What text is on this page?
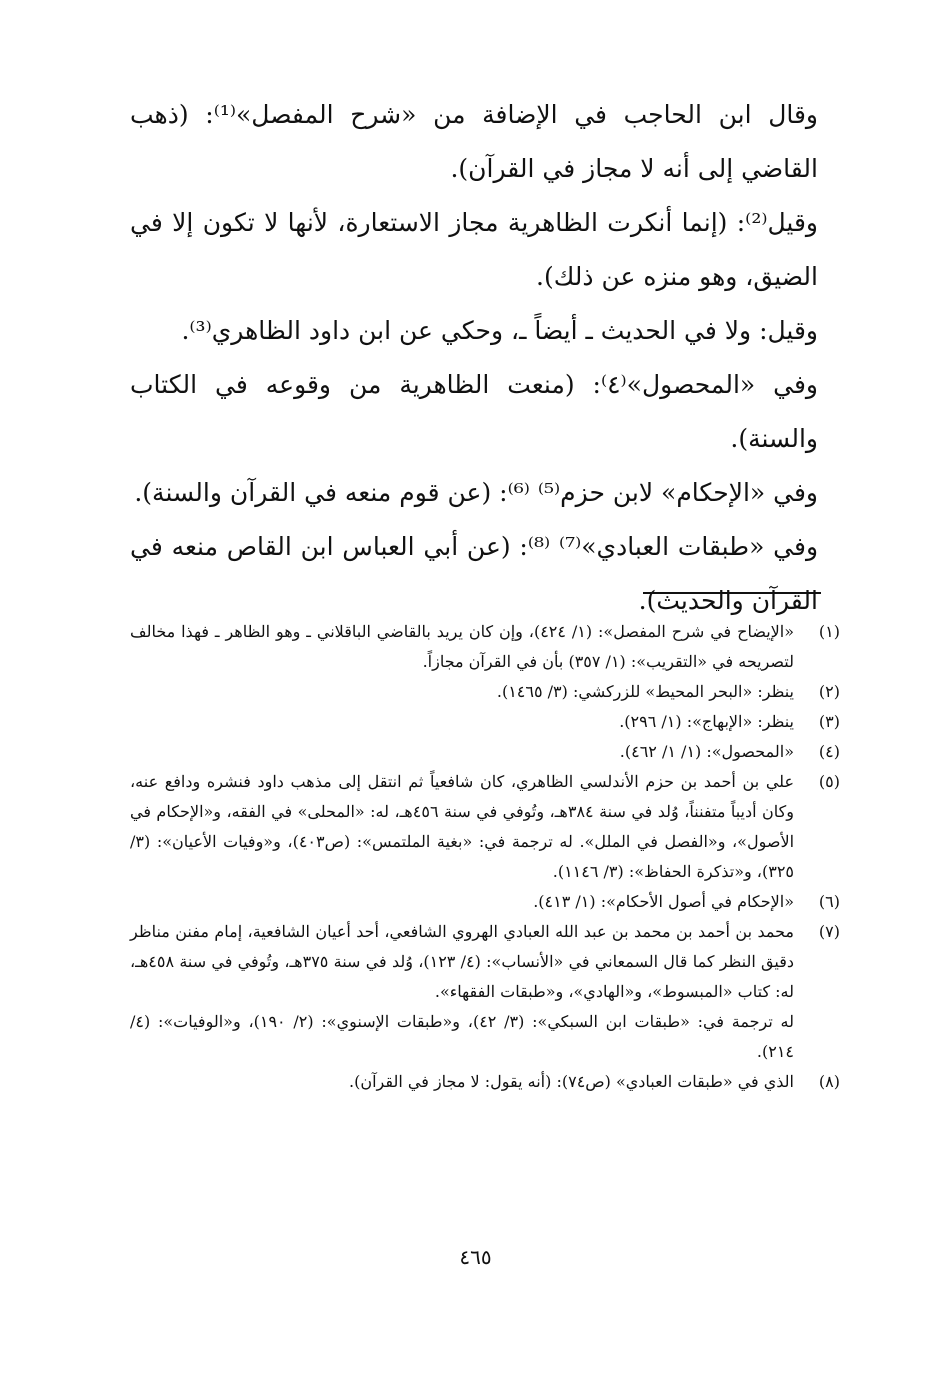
وقال ابن الحاجب في الإضافة من «شرح المفصل»⁽¹⁾: (ذهب القاضي إلى أنه لا مجاز في القرآن).

وقيل⁽²⁾: (إنما أنكرت الظاهرية مجاز الاستعارة، لأنها لا تكون إلا في الضيق، وهو منزه عن ذلك).

وقيل: ولا في الحديث ـ أيضاً ـ، وحكي عن ابن داود الظاهري⁽³⁾.

وفي «المحصول»⁽٤⁾: (منعت الظاهرية من وقوعه في الكتاب والسنة).

وفي «الإحكام» لابن حزم⁽⁵⁾ ⁽⁶⁾: (عن قوم منعه في القرآن والسنة).

وفي «طبقات العبادي»⁽⁷⁾ ⁽⁸⁾: (عن أبي العباس ابن القاص منعه في القرآن والحديث).

(١)
«الإيضاح في شرح المفصل»: (١/ ٤٢٤)، وإن كان يريد بالقاضي الباقلاني ـ وهو الظاهر ـ فهذا مخالف لتصريحه في «التقريب»: (١/ ٣٥٧) بأن في القرآن مجازاً.
(٢)
ينظر: «البحر المحيط» للزركشي: (٣/ ١٤٦٥).
(٣)
ينظر: «الإبهاج»: (١/ ٢٩٦).
(٤)
«المحصول»: (١/ ١/ ٤٦٢).
(٥)
علي بن أحمد بن حزم الأندلسي الظاهري، كان شافعياً ثم انتقل إلى مذهب داود فنشره ودافع عنه، وكان أديباً متفنناً، وُلد في سنة ٣٨٤هـ، وتُوفي في سنة ٤٥٦هـ، له: «المحلى» في الفقه، و«الإحكام في الأصول»، و«الفصل في الملل». له ترجمة في: «بغية الملتمس»: (ص٤٠٣)، و«وفيات الأعيان»: (٣/ ٣٢٥)، و«تذكرة الحفاظ»: (٣/ ١١٤٦).
(٦)
«الإحكام في أصول الأحكام»: (١/ ٤١٣).
(٧)
محمد بن أحمد بن محمد بن عبد الله العبادي الهروي الشافعي، أحد أعيان الشافعية، إمام مفنن مناظر دقيق النظر كما قال السمعاني في «الأنساب»: (٤/ ١٢٣)، وُلد في سنة ٣٧٥هـ، وتُوفي في سنة ٤٥٨هـ، له: كتاب «المبسوط»، و«الهادي»، و«طبقات الفقهاء».
له ترجمة في: «طبقات ابن السبكي»: (٣/ ٤٢)، و«طبقات الإسنوي»: (٢/ ١٩٠)، و«الوفيات»: (٤/ ٢١٤).
(٨)
الذي في «طبقات العبادي» (ص٧٤): (أنه يقول: لا مجاز في القرآن).
٤٦٥
